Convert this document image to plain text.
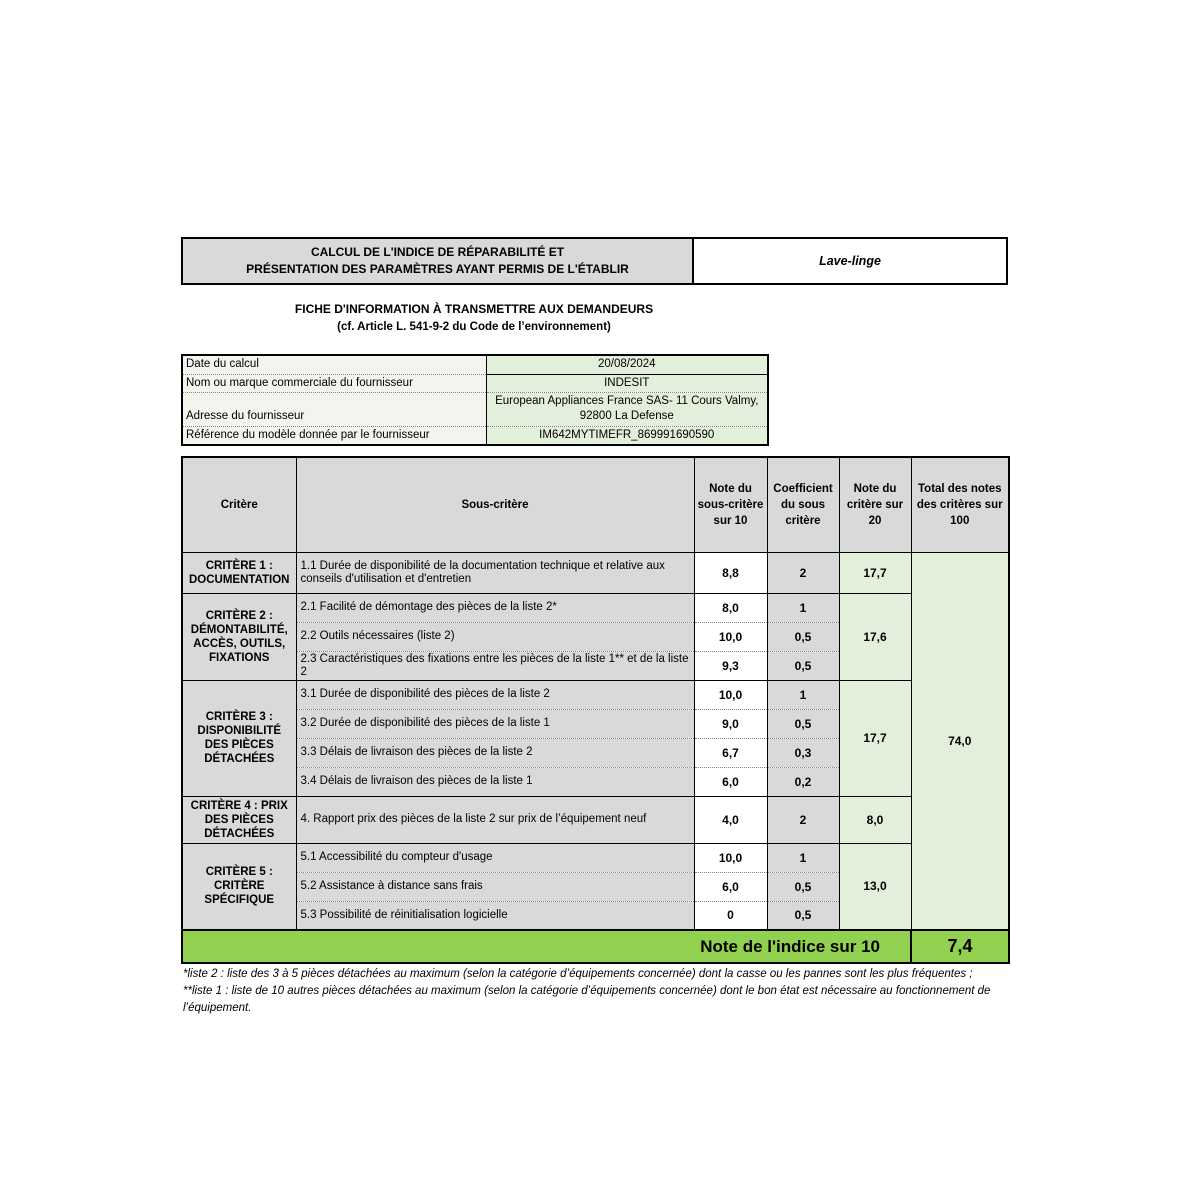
CALCUL DE L'INDICE DE RÉPARABILITÉ ET
PRÉSENTATION DES PARAMÈTRES AYANT PERMIS DE L'ÉTABLIR
Lave-linge
FICHE D'INFORMATION À TRANSMETTRE AUX DEMANDEURS
(cf. Article L. 541-9-2 du Code de l’environnement)
Date du calcul	20/08/2024
Nom ou marque commerciale du fournisseur	INDESIT
Adresse du fournisseur	European Appliances France SAS- 11 Cours Valmy, 92800 La Defense
Référence du modèle donnée par le fournisseur	IM642MYTIMEFR_869991690590
Critère	Sous-critère	Note du sous-critère sur 10	Coefficient du sous critère	Note du critère sur 20	Total des notes des critères sur 100
CRITÈRE 1 : DOCUMENTATION	1.1 Durée de disponibilité de la documentation technique et relative aux conseils d'utilisation et d'entretien	8,8	2	17,7	74,0
CRITÈRE 2 : DÉMONTABILITÉ, ACCÈS, OUTILS, FIXATIONS	2.1 Facilité de démontage des pièces de la liste 2*	8,0	1	17,6	
	2.2 Outils nécessaires (liste 2)	10,0	0,5		
	2.3 Caractéristiques des fixations entre les pièces de la liste 1** et de la liste 2	9,3	0,5		
CRITÈRE 3 : DISPONIBILITÉ DES PIÈCES DÉTACHÉES	3.1 Durée de disponibilité des pièces de la liste 2	10,0	1	17,7	
	3.2 Durée de disponibilité des pièces de la liste 1	9,0	0,5		
	3.3 Délais de livraison des pièces de la liste 2	6,7	0,3		
	3.4 Délais de livraison des pièces de la liste 1	6,0	0,2		
CRITÈRE 4 : PRIX DES PIÈCES DÉTACHÉES	4. Rapport prix des pièces de la liste 2 sur prix de l’équipement neuf	4,0	2	8,0	
CRITÈRE 5 : CRITÈRE SPÉCIFIQUE	5.1 Accessibilité du compteur d'usage	10,0	1	13,0	
	5.2 Assistance à distance sans frais	6,0	0,5		
	5.3 Possibilité de réinitialisation logicielle	0	0,5		
Note de l'indice sur 10					7,4
*liste 2 : liste des 3 à 5 pièces détachées au maximum (selon la catégorie d’équipements concernée) dont la casse ou les pannes sont les plus fréquentes ;
**liste 1 : liste de 10 autres pièces détachées au maximum (selon la catégorie d’équipements concernée) dont le bon état est nécessaire au fonctionnement de l’équipement.
